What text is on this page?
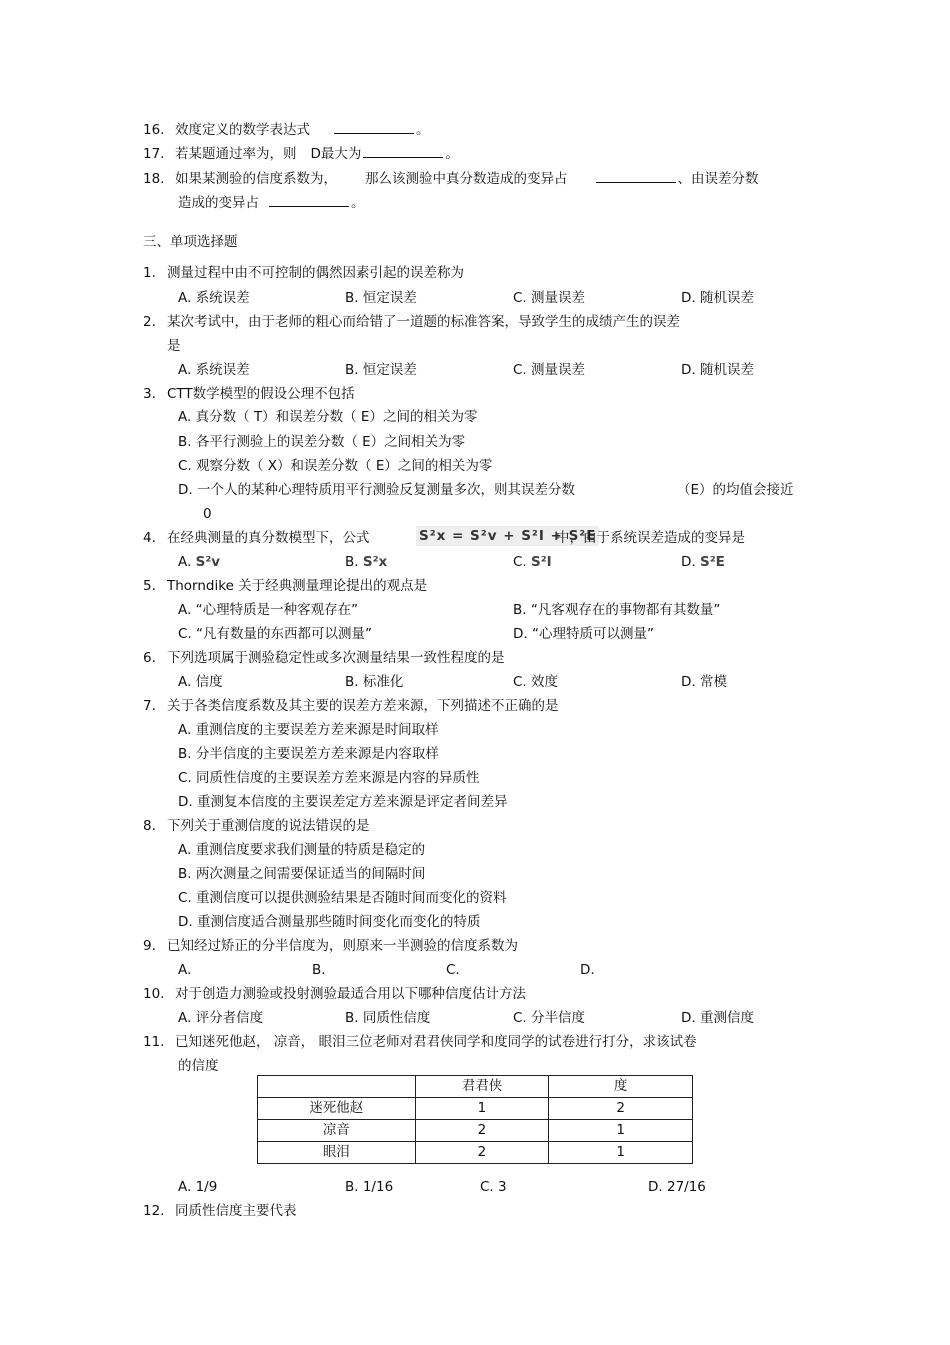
16. 效度定义的数学表达式	。
17. 若某题通过率为，则 D最大为	。
18. 如果某测验的信度系数为， 那么该测验中真分数造成的变异占	、由误差分数
造成的变异占	。
三、单项选择题
1. 测量过程中由不可控制的偶然因素引起的误差称为
A. 系统误差	B. 恒定误差	C. 测量误差	D. 随机误差
2. 某次考试中，由于老师的粗心而给错了一道题的标准答案，导致学生的成绩产生的误差
是
A. 系统误差	B. 恒定误差	C. 测量误差	D. 随机误差
3. CTT数学模型的假设公理不包括
A. 真分数（ T）和误差分数（ E）之间的相关为零
B. 各平行测验上的误差分数（ E）之间相关为零
C. 观察分数（ X）和误差分数（ E）之间的相关为零
D. 一个人的某种心理特质用平行测验反复测量多次，则其误差分数	（E）的均值会接近
0
4. 在经典测量的真分数模型下，公式	S²x = S²v + S²I + S²E
中，由于系统误差造成的变异是
A. S²v	B. S²x	C. S²I	D. S²E
5. Thorndike 关于经典测量理论提出的观点是
A. “心理特质是一种客观存在”	B. “凡客观存在的事物都有其数量”
C. “凡有数量的东西都可以测量”	D. “心理特质可以测量”
6. 下列选项属于测验稳定性或多次测量结果一致性程度的是
A. 信度	B. 标准化	C. 效度	D. 常模
7. 关于各类信度系数及其主要的误差方差来源，下列描述不正确的是
A. 重测信度的主要误差方差来源是时间取样
B. 分半信度的主要误差方差来源是内容取样
C. 同质性信度的主要误差方差来源是内容的异质性
D. 重测复本信度的主要误差定方差来源是评定者间差异
8. 下列关于重测信度的说法错误的是
A. 重测信度要求我们测量的特质是稳定的
B. 两次测量之间需要保证适当的间隔时间
C. 重测信度可以提供测验结果是否随时间而变化的资料
D. 重测信度适合测量那些随时间变化而变化的特质
9. 已知经过矫正的分半信度为，则原来一半测验的信度系数为
A.	B.	C.	D.
10. 对于创造力测验或投射测验最适合用以下哪种信度估计方法
A. 评分者信度	B. 同质性信度	C. 分半信度	D. 重测信度
11. 已知迷死他赵， 凉音， 眼泪三位老师对君君侠同学和度同学的试卷进行打分，求该试卷
的信度
	君君侠	度
迷死他赵	1	2
凉音	2	1
眼泪	2	1
A. 1/9	B. 1/16	C. 3	D. 27/16
12. 同质性信度主要代表
